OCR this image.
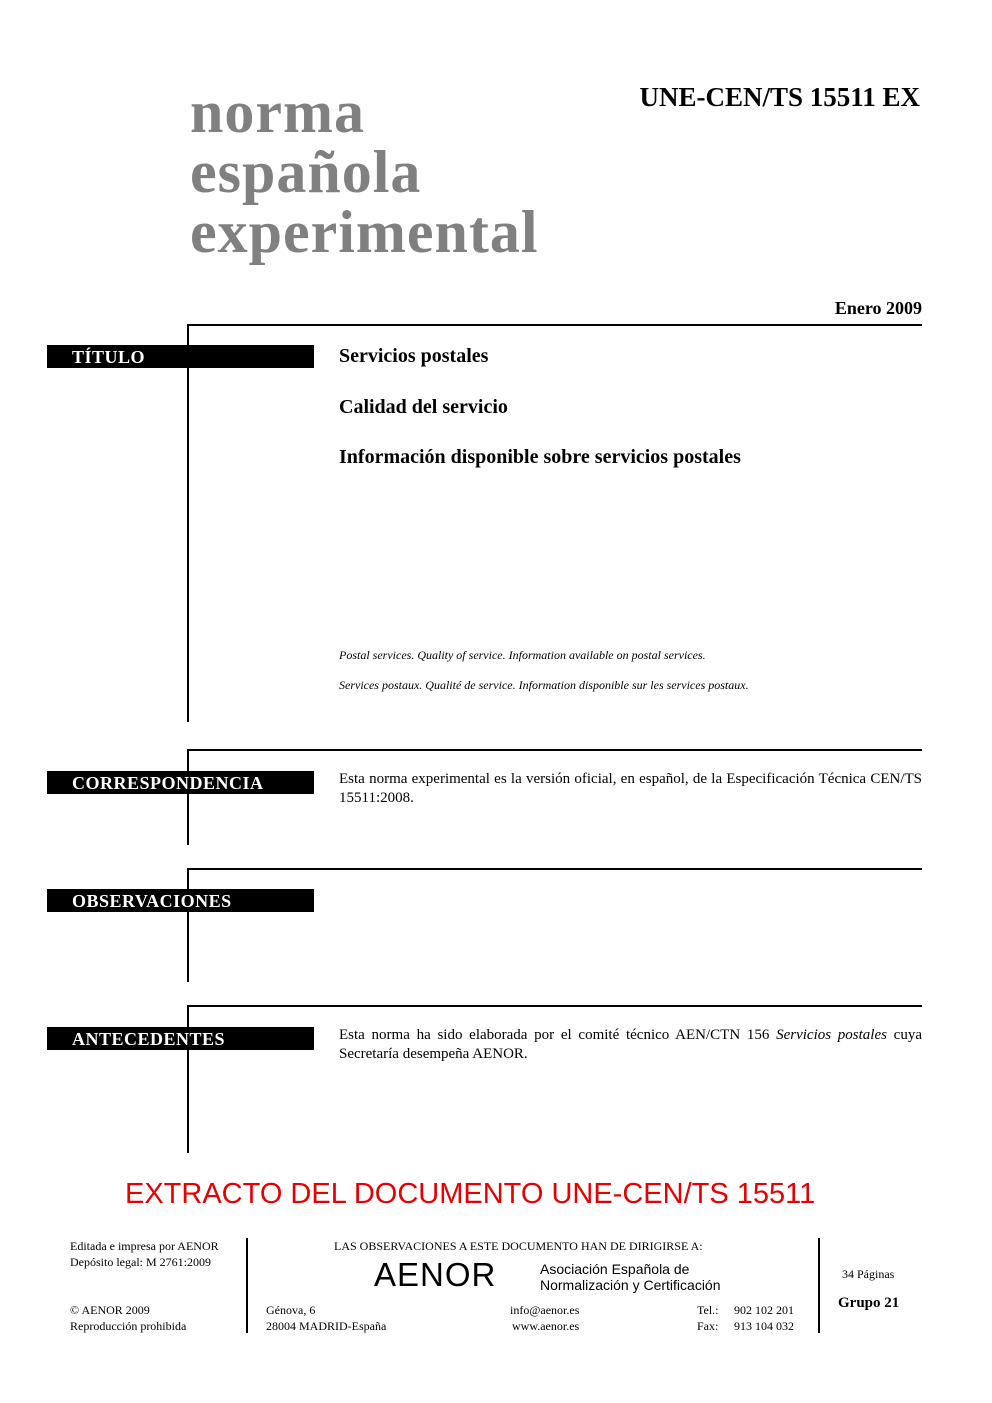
norma
española
experimental
UNE-CEN/TS 15511 EX
Enero 2009
TÍTULO	Servicios postales
Calidad del servicio
Información disponible sobre servicios postales
Postal services. Quality of service. Information available on postal services.
Services postaux. Qualité de service. Information disponible sur les services postaux.
CORRESPONDENCIA	Esta norma experimental es la versión oficial, en español, de la Especificación Técnica CEN/TS 15511:2008.
OBSERVACIONES
ANTECEDENTES	Esta norma ha sido elaborada por el comité técnico AEN/CTN 156 Servicios postales cuya Secretaría desempeña AENOR.
EXTRACTO DEL DOCUMENTO UNE-CEN/TS 15511
Editada e impresa por AENOR
Depósito legal: M 2761:2009
© AENOR 2009
Reproducción prohibida
LAS OBSERVACIONES A ESTE DOCUMENTO HAN DE DIRIGIRSE A:
AENOR	Asociación Española de
Normalización y Certificación
Génova, 6
28004 MADRID-España
info@aenor.es
www.aenor.es
Tel.: 902 102 201
Fax: 913 104 032
34 Páginas
Grupo 21
